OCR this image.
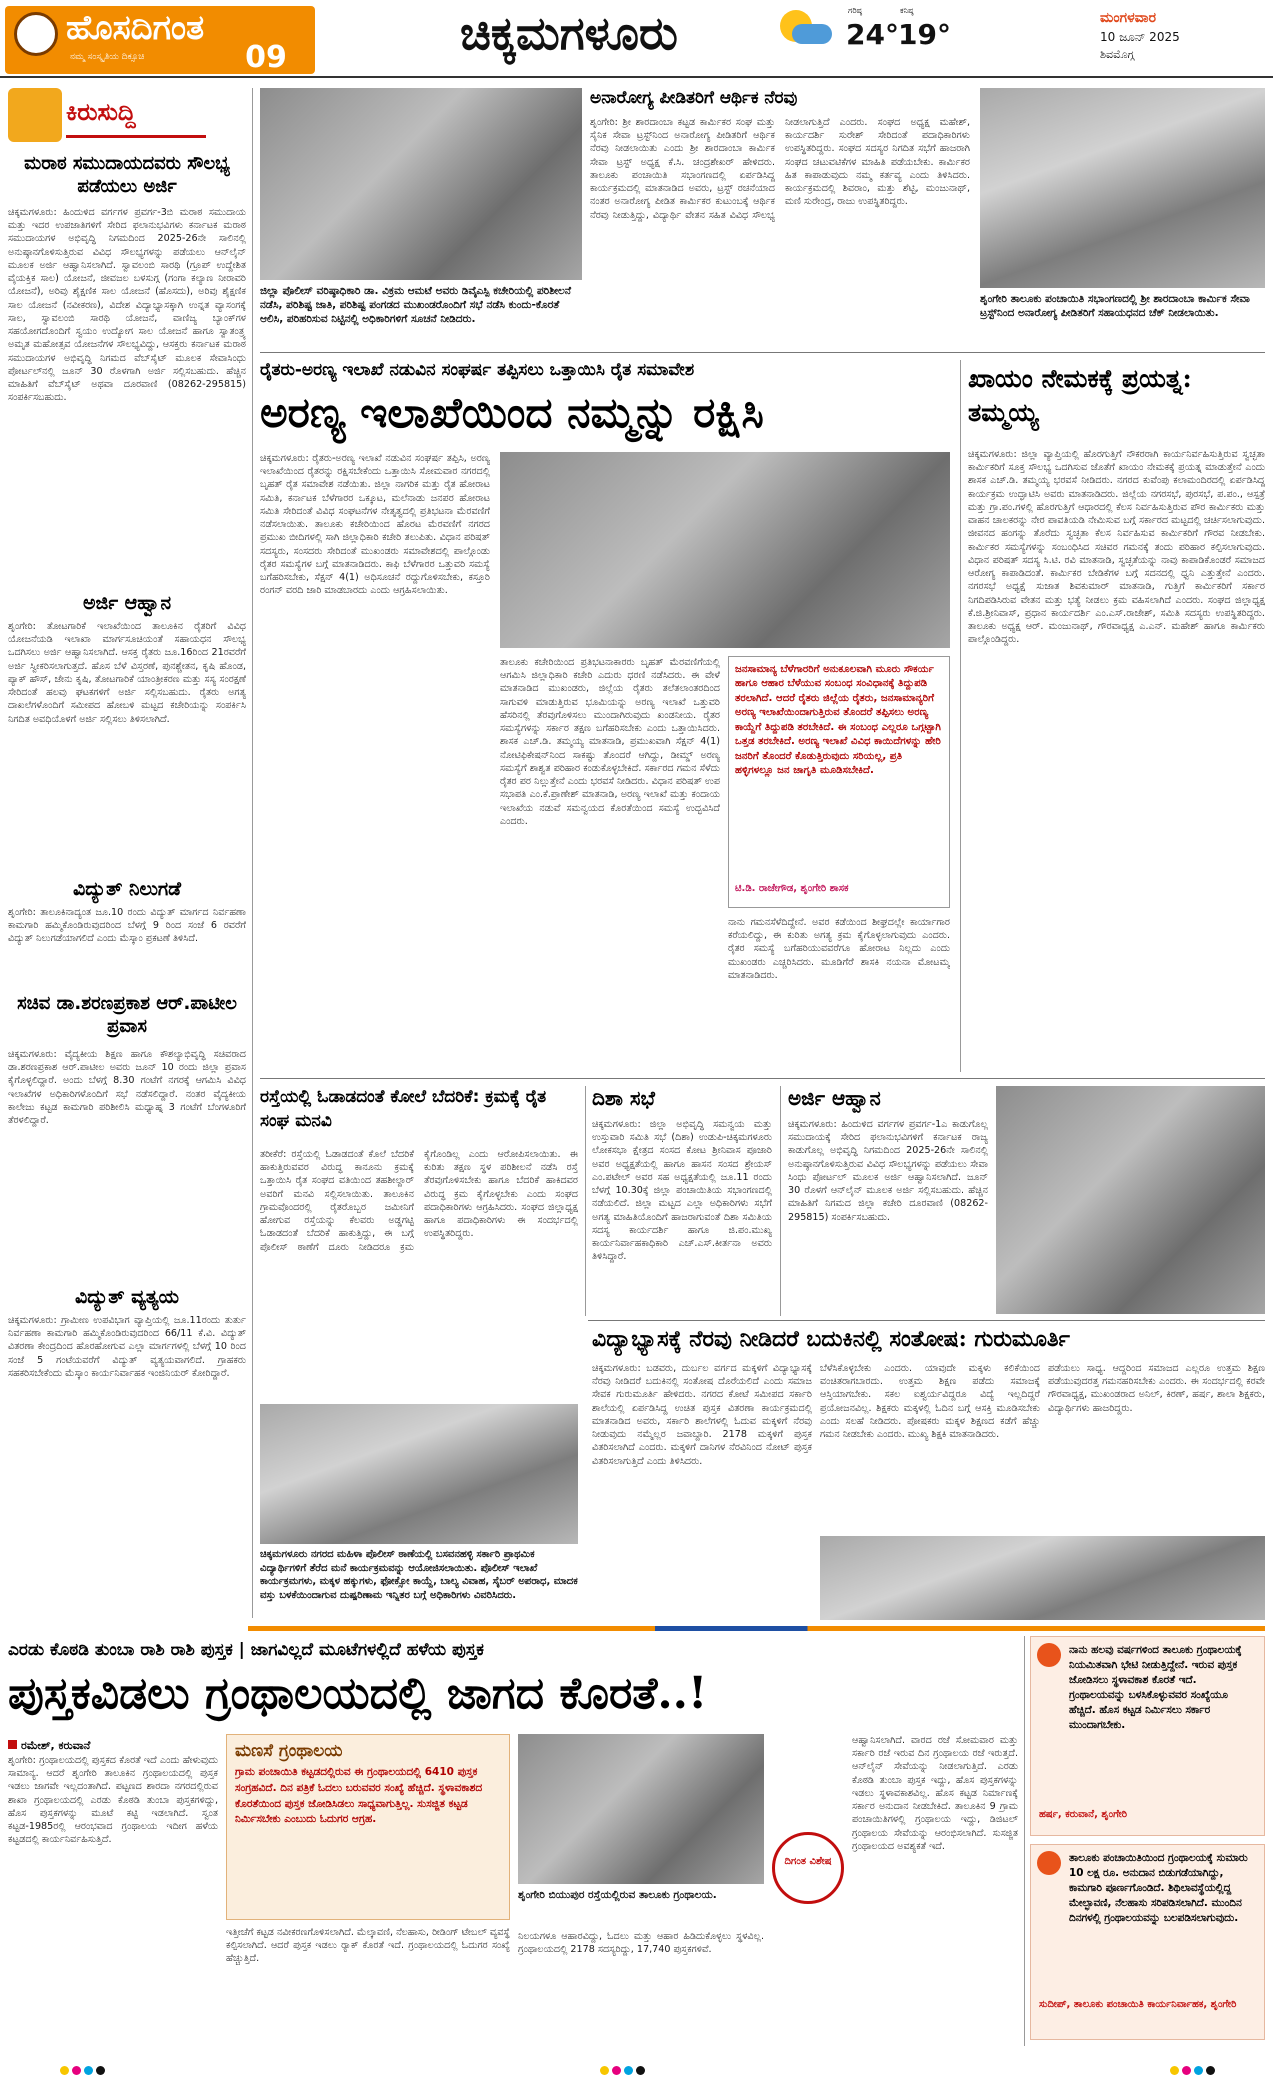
ಹೊಸದಿಗಂತ
ನಮ್ಮ ಸಂಸ್ಕೃತಿಯ ದಿಕ್ಸೂಚಿ	09	ಚಿಕ್ಕಮಗಳೂರು	ಗರಿಷ್ಠ
24°
ಕನಿಷ್ಠ
19°	ಮಂಗಳವಾರ
10 ಜೂನ್ 2025
ಶಿವಮೊಗ್ಗ
ಕಿರುಸುದ್ದಿ
ಮರಾಠ ಸಮುದಾಯದವರು ಸೌಲಭ್ಯ ಪಡೆಯಲು ಅರ್ಜಿ
ಚಿಕ್ಕಮಗಳೂರು: ಹಿಂದುಳಿದ ವರ್ಗಗಳ ಪ್ರವರ್ಗ-3ಬಿ ಮರಾಠ ಸಮುದಾಯ ಮತ್ತು ಇದರ ಉಪಜಾತಿಗಳಿಗೆ ಸೇರಿದ ಫಲಾನುಭವಿಗಳು ಕರ್ನಾಟಕ ಮರಾಠ ಸಮುದಾಯಗಳ ಅಭಿವೃದ್ಧಿ ನಿಗಮದಿಂದ 2025-26ನೇ ಸಾಲಿನಲ್ಲಿ ಅನುಷ್ಠಾನಗೊಳಿಸುತ್ತಿರುವ ವಿವಿಧ ಸೌಲಭ್ಯಗಳನ್ನು ಪಡೆಯಲು ಆನ್‌ಲೈನ್ ಮೂಲಕ ಅರ್ಜಿ ಆಹ್ವಾನಿಸಲಾಗಿದೆ. ಸ್ವಾವಲಂಬಿ ಸಾರಥಿ (ಗ್ರೂಪ್ ಉದ್ದೇಶಿತ ವೈಯಕ್ತಿಕ ಸಾಲ) ಯೋಜನೆ, ಜೀವಜಲ ಬಳಸುಗ್ಗ (ಗಂಗಾ ಕಲ್ಯಾಣ ನೀರಾವರಿ ಯೋಜನೆ), ಅರಿವು ಶೈಕ್ಷಣಿಕ ಸಾಲ ಯೋಜನೆ (ಹೊಸದು), ಅರಿವು ಶೈಕ್ಷಣಿಕ ಸಾಲ ಯೋಜನೆ (ನವೀಕರಣ), ವಿದೇಶ ವಿದ್ಯಾಭ್ಯಾಸಕ್ಕಾಗಿ ಉನ್ನತ ವ್ಯಾಸಂಗಕ್ಕೆ ಸಾಲ, ಸ್ವಾವಲಂಬಿ ಸಾರಥಿ ಯೋಜನೆ, ವಾಣಿಜ್ಯ ಬ್ಯಾಂಕ್‌ಗಳ ಸಹಯೋಗದೊಂದಿಗೆ ಸ್ವಯಂ ಉದ್ಯೋಗ ಸಾಲ ಯೋಜನೆ ಹಾಗೂ ಸ್ವಾತಂತ್ರ್ಯ ಅಮೃತ ಮಹೋತ್ಸವ ಯೋಜನೆಗಳ ಸೌಲಭ್ಯವಿದ್ದು, ಆಸಕ್ತರು ಕರ್ನಾಟಕ ಮರಾಠ ಸಮುದಾಯಗಳ ಅಭಿವೃದ್ಧಿ ನಿಗಮದ ವೆಬ್‌ಸೈಟ್ ಮೂಲಕ ಸೇವಾಸಿಂಧು ಪೋರ್ಟಲ್‌ನಲ್ಲಿ ಜೂನ್ 30 ರೊಳಗಾಗಿ ಅರ್ಜಿ ಸಲ್ಲಿಸಬಹುದು. ಹೆಚ್ಚಿನ ಮಾಹಿತಿಗೆ ವೆಬ್‌ಸೈಟ್ ಅಥವಾ ದೂರವಾಣಿ (08262-295815) ಸಂಪರ್ಕಿಸಬಹುದು.
ಅರ್ಜಿ ಆಹ್ವಾನ
ಶೃಂಗೇರಿ: ತೋಟಗಾರಿಕೆ ಇಲಾಖೆಯಿಂದ ತಾಲೂಕಿನ ರೈತರಿಗೆ ವಿವಿಧ ಯೋಜನೆಯಡಿ ಇಲಾಖಾ ಮಾರ್ಗಸೂಚಿಯಂತೆ ಸಹಾಯಧನ ಸೌಲಭ್ಯ ಒದಗಿಸಲು ಅರ್ಜಿ ಆಹ್ವಾನಿಸಲಾಗಿದೆ. ಆಸಕ್ತ ರೈತರು ಜೂ.16ರಿಂದ 21ರವರೆಗೆ ಅರ್ಜಿ ಸ್ವೀಕರಿಸಲಾಗುತ್ತದೆ. ಹೊಸ ಬೆಳೆ ವಿಸ್ತರಣೆ, ಪುನಶ್ಚೇತನ, ಕೃಷಿ ಹೊಂಡ, ಪ್ಯಾಕ್ ಹೌಸ್, ಜೇನು ಕೃಷಿ, ತೋಟಗಾರಿಕೆ ಯಾಂತ್ರೀಕರಣ ಮತ್ತು ಸಸ್ಯ ಸಂರಕ್ಷಣೆ ಸೇರಿದಂತೆ ಹಲವು ಘಟಕಗಳಿಗೆ ಅರ್ಜಿ ಸಲ್ಲಿಸಬಹುದು. ರೈತರು ಅಗತ್ಯ ದಾಖಲೆಗಳೊಂದಿಗೆ ಸಮೀಪದ ಹೋಬಳಿ ಮಟ್ಟದ ಕಚೇರಿಯನ್ನು ಸಂಪರ್ಕಿಸಿ ನಿಗದಿತ ಅವಧಿಯೊಳಗೆ ಅರ್ಜಿ ಸಲ್ಲಿಸಲು ತಿಳಿಸಲಾಗಿದೆ.
ವಿದ್ಯುತ್ ನಿಲುಗಡೆ
ಶೃಂಗೇರಿ: ತಾಲೂಕಿನಾದ್ಯಂತ ಜೂ.10 ರಂದು ವಿದ್ಯುತ್ ಮಾರ್ಗದ ನಿರ್ವಹಣಾ ಕಾಮಗಾರಿ ಹಮ್ಮಿಕೊಂಡಿರುವುದರಿಂದ ಬೆಳಗ್ಗೆ 9 ರಿಂದ ಸಂಜೆ 6 ರವರೆಗೆ ವಿದ್ಯುತ್ ನಿಲುಗಡೆಯಾಗಲಿದೆ ಎಂದು ಮೆಸ್ಕಾಂ ಪ್ರಕಟಣೆ ತಿಳಿಸಿದೆ.
ಸಚಿವ ಡಾ.ಶರಣಪ್ರಕಾಶ ಆರ್.ಪಾಟೀಲ ಪ್ರವಾಸ
ಚಿಕ್ಕಮಗಳೂರು: ವೈದ್ಯಕೀಯ ಶಿಕ್ಷಣ ಹಾಗೂ ಕೌಶಲ್ಯಾಭಿವೃದ್ಧಿ ಸಚಿವರಾದ ಡಾ.ಶರಣಪ್ರಕಾಶ ಆರ್.ಪಾಟೀಲ ಅವರು ಜೂನ್ 10 ರಂದು ಜಿಲ್ಲಾ ಪ್ರವಾಸ ಕೈಗೊಳ್ಳಲಿದ್ದಾರೆ. ಅಂದು ಬೆಳಗ್ಗೆ 8.30 ಗಂಟೆಗೆ ನಗರಕ್ಕೆ ಆಗಮಿಸಿ ವಿವಿಧ ಇಲಾಖೆಗಳ ಅಧಿಕಾರಿಗಳೊಂದಿಗೆ ಸಭೆ ನಡೆಸಲಿದ್ದಾರೆ. ನಂತರ ವೈದ್ಯಕೀಯ ಕಾಲೇಜು ಕಟ್ಟಡ ಕಾಮಗಾರಿ ಪರಿಶೀಲಿಸಿ ಮಧ್ಯಾಹ್ನ 3 ಗಂಟೆಗೆ ಬೆಂಗಳೂರಿಗೆ ತೆರಳಲಿದ್ದಾರೆ.
ವಿದ್ಯುತ್ ವ್ಯತ್ಯಯ
ಚಿಕ್ಕಮಗಳೂರು: ಗ್ರಾಮೀಣ ಉಪವಿಭಾಗ ವ್ಯಾಪ್ತಿಯಲ್ಲಿ ಜೂ.11ರಂದು ತುರ್ತು ನಿರ್ವಹಣಾ ಕಾಮಗಾರಿ ಹಮ್ಮಿಕೊಂಡಿರುವುದರಿಂದ 66/11 ಕೆ.ವಿ. ವಿದ್ಯುತ್ ವಿತರಣಾ ಕೇಂದ್ರದಿಂದ ಹೊರಹೋಗುವ ಎಲ್ಲಾ ಮಾರ್ಗಗಳಲ್ಲಿ ಬೆಳಗ್ಗೆ 10 ರಿಂದ ಸಂಜೆ 5 ಗಂಟೆಯವರೆಗೆ ವಿದ್ಯುತ್ ವ್ಯತ್ಯಯವಾಗಲಿದೆ. ಗ್ರಾಹಕರು ಸಹಕರಿಸಬೇಕೆಂದು ಮೆಸ್ಕಾಂ ಕಾರ್ಯನಿರ್ವಾಹಕ ಇಂಜಿನಿಯರ್ ಕೋರಿದ್ದಾರೆ.
ಜಿಲ್ಲಾ ಪೊಲೀಸ್ ವರಿಷ್ಠಾಧಿಕಾರಿ ಡಾ. ವಿಕ್ರಮ ಆಮಟೆ ಅವರು ಡಿವೈಎಸ್ಪಿ ಕಚೇರಿಯಲ್ಲಿ ಪರಿಶೀಲನೆ ನಡೆಸಿ, ಪರಿಶಿಷ್ಟ ಜಾತಿ, ಪರಿಶಿಷ್ಟ ಪಂಗಡದ ಮುಖಂಡರೊಂದಿಗೆ ಸಭೆ ನಡೆಸಿ ಕುಂದು-ಕೊರತೆ ಆಲಿಸಿ, ಪರಿಹರಿಸುವ ನಿಟ್ಟಿನಲ್ಲಿ ಅಧಿಕಾರಿಗಳಿಗೆ ಸೂಚನೆ ನೀಡಿದರು.
ಅನಾರೋಗ್ಯ ಪೀಡಿತರಿಗೆ ಆರ್ಥಿಕ ನೆರವು
ಶೃಂಗೇರಿ: ಶ್ರೀ ಶಾರದಾಂಬಾ ಕಟ್ಟಡ ಕಾರ್ಮಿಕರ ಸಂಘ ಮತ್ತು ಸೈನಿಕ ಸೇವಾ ಟ್ರಸ್ಟ್‌ನಿಂದ ಅನಾರೋಗ್ಯ ಪೀಡಿತರಿಗೆ ಆರ್ಥಿಕ ನೆರವು ನೀಡಲಾಯಿತು ಎಂದು ಶ್ರೀ ಶಾರದಾಂಬಾ ಕಾರ್ಮಿಕ ಸೇವಾ ಟ್ರಸ್ಟ್ ಅಧ್ಯಕ್ಷ ಕೆ.ಸಿ. ಚಂದ್ರಶೇಖರ್ ಹೇಳಿದರು. ತಾಲೂಕು ಪಂಚಾಯಿತಿ ಸಭಾಂಗಣದಲ್ಲಿ ಏರ್ಪಡಿಸಿದ್ದ ಕಾರ್ಯಕ್ರಮದಲ್ಲಿ ಮಾತನಾಡಿದ ಅವರು, ಟ್ರಸ್ಟ್ ರಚನೆಯಾದ ನಂತರ ಅನಾರೋಗ್ಯ ಪೀಡಿತ ಕಾರ್ಮಿಕರ ಕುಟುಂಬಕ್ಕೆ ಆರ್ಥಿಕ ನೆರವು ನೀಡುತ್ತಿದ್ದು, ವಿದ್ಯಾರ್ಥಿ ವೇತನ ಸಹಿತ ವಿವಿಧ ಸೌಲಭ್ಯ ನೀಡಲಾಗುತ್ತಿದೆ ಎಂದರು. ಸಂಘದ ಅಧ್ಯಕ್ಷ ಮಹೇಶ್, ಕಾರ್ಯದರ್ಶಿ ಸುರೇಶ್ ಸೇರಿದಂತೆ ಪದಾಧಿಕಾರಿಗಳು ಉಪಸ್ಥಿತರಿದ್ದರು. ಸಂಘದ ಸದಸ್ಯರ ನಿಗದಿತ ಸಭೆಗೆ ಹಾಜರಾಗಿ ಸಂಘದ ಚಟುವಟಿಕೆಗಳ ಮಾಹಿತಿ ಪಡೆಯಬೇಕು. ಕಾರ್ಮಿಕರ ಹಿತ ಕಾಪಾಡುವುದು ನಮ್ಮ ಕರ್ತವ್ಯ ಎಂದು ತಿಳಿಸಿದರು. ಕಾರ್ಯಕ್ರಮದಲ್ಲಿ ಶಿವರಾಂ, ಮತ್ತು ಶೆಟ್ಟಿ, ಮಂಜುನಾಥ್, ಮಣಿ ಸುರೇಂದ್ರ, ರಾಜು ಉಪಸ್ಥಿತರಿದ್ದರು.
ಶೃಂಗೇರಿ ತಾಲೂಕು ಪಂಚಾಯಿತಿ ಸಭಾಂಗಣದಲ್ಲಿ ಶ್ರೀ ಶಾರದಾಂಬಾ ಕಾರ್ಮಿಕ ಸೇವಾ ಟ್ರಸ್ಟ್‌ನಿಂದ ಅನಾರೋಗ್ಯ ಪೀಡಿತರಿಗೆ ಸಹಾಯಧನದ ಚೆಕ್ ನೀಡಲಾಯಿತು.
ರೈತರು-ಅರಣ್ಯ ಇಲಾಖೆ ನಡುವಿನ ಸಂಘರ್ಷ ತಪ್ಪಿಸಲು ಒತ್ತಾಯಿಸಿ ರೈತ ಸಮಾವೇಶ
ಅರಣ್ಯ ಇಲಾಖೆಯಿಂದ ನಮ್ಮನ್ನು ರಕ್ಷಿಸಿ
ಚಿಕ್ಕಮಗಳೂರು: ರೈತರು-ಅರಣ್ಯ ಇಲಾಖೆ ನಡುವಿನ ಸಂಘರ್ಷ ತಪ್ಪಿಸಿ, ಅರಣ್ಯ ಇಲಾಖೆಯಿಂದ ರೈತರನ್ನು ರಕ್ಷಿಸಬೇಕೆಂದು ಒತ್ತಾಯಿಸಿ ಸೋಮವಾರ ನಗರದಲ್ಲಿ ಬೃಹತ್ ರೈತ ಸಮಾವೇಶ ನಡೆಯಿತು. ಜಿಲ್ಲಾ ನಾಗರಿಕ ಮತ್ತು ರೈತ ಹೋರಾಟ ಸಮಿತಿ, ಕರ್ನಾಟಕ ಬೆಳೆಗಾರರ ಒಕ್ಕೂಟ, ಮಲೆನಾಡು ಜನಪರ ಹೋರಾಟ ಸಮಿತಿ ಸೇರಿದಂತೆ ವಿವಿಧ ಸಂಘಟನೆಗಳ ನೇತೃತ್ವದಲ್ಲಿ ಪ್ರತಿಭಟನಾ ಮೆರವಣಿಗೆ ನಡೆಸಲಾಯಿತು. ತಾಲೂಕು ಕಚೇರಿಯಿಂದ ಹೊರಟ ಮೆರವಣಿಗೆ ನಗರದ ಪ್ರಮುಖ ಬೀದಿಗಳಲ್ಲಿ ಸಾಗಿ ಜಿಲ್ಲಾಧಿಕಾರಿ ಕಚೇರಿ ತಲುಪಿತು. ವಿಧಾನ ಪರಿಷತ್ ಸದಸ್ಯರು, ಸಂಸದರು ಸೇರಿದಂತೆ ಮುಖಂಡರು ಸಮಾವೇಶದಲ್ಲಿ ಪಾಲ್ಗೊಂಡು ರೈತರ ಸಮಸ್ಯೆಗಳ ಬಗ್ಗೆ ಮಾತನಾಡಿದರು. ಕಾಫಿ ಬೆಳೆಗಾರರ ಒತ್ತುವರಿ ಸಮಸ್ಯೆ ಬಗೆಹರಿಸಬೇಕು, ಸೆಕ್ಷನ್ 4(1) ಅಧಿಸೂಚನೆ ರದ್ದುಗೊಳಿಸಬೇಕು, ಕಸ್ತೂರಿ ರಂಗನ್ ವರದಿ ಜಾರಿ ಮಾಡಬಾರದು ಎಂದು ಆಗ್ರಹಿಸಲಾಯಿತು.
ತಾಲೂಕು ಕಚೇರಿಯಿಂದ ಪ್ರತಿಭಟನಾಕಾರರು ಬೃಹತ್ ಮೆರವಣಿಗೆಯಲ್ಲಿ ಆಗಮಿಸಿ ಜಿಲ್ಲಾಧಿಕಾರಿ ಕಚೇರಿ ಎದುರು ಧರಣಿ ನಡೆಸಿದರು. ಈ ವೇಳೆ ಮಾತನಾಡಿದ ಮುಖಂಡರು, ಜಿಲ್ಲೆಯ ರೈತರು ತಲೆತಲಾಂತರದಿಂದ ಸಾಗುವಳಿ ಮಾಡುತ್ತಿರುವ ಭೂಮಿಯನ್ನು ಅರಣ್ಯ ಇಲಾಖೆ ಒತ್ತುವರಿ ಹೆಸರಿನಲ್ಲಿ ತೆರವುಗೊಳಿಸಲು ಮುಂದಾಗಿರುವುದು ಖಂಡನೀಯ. ರೈತರ ಸಮಸ್ಯೆಗಳನ್ನು ಸರ್ಕಾರ ತಕ್ಷಣ ಬಗೆಹರಿಸಬೇಕು ಎಂದು ಒತ್ತಾಯಿಸಿದರು. ಶಾಸಕ ಎಚ್.ಡಿ. ತಮ್ಮಯ್ಯ ಮಾತನಾಡಿ, ಪ್ರಮುಖವಾಗಿ ಸೆಕ್ಷನ್ 4(1) ನೋಟಿಫಿಕೇಷನ್‌ನಿಂದ ಸಾಕಷ್ಟು ತೊಂದರೆ ಆಗಿದ್ದು, ಡೀಮ್ಡ್ ಅರಣ್ಯ ಸಮಸ್ಯೆಗೆ ಶಾಶ್ವತ ಪರಿಹಾರ ಕಂಡುಕೊಳ್ಳಬೇಕಿದೆ. ಸರ್ಕಾರದ ಗಮನ ಸೆಳೆದು ರೈತರ ಪರ ನಿಲ್ಲುತ್ತೇನೆ ಎಂದು ಭರವಸೆ ನೀಡಿದರು. ವಿಧಾನ ಪರಿಷತ್ ಉಪ ಸಭಾಪತಿ ಎಂ.ಕೆ.ಪ್ರಾಣೇಶ್ ಮಾತನಾಡಿ, ಅರಣ್ಯ ಇಲಾಖೆ ಮತ್ತು ಕಂದಾಯ ಇಲಾಖೆಯ ನಡುವೆ ಸಮನ್ವಯದ ಕೊರತೆಯಿಂದ ಸಮಸ್ಯೆ ಉದ್ಭವಿಸಿದೆ ಎಂದರು.
ಜನಸಾಮಾನ್ಯ ಬೆಳೆಗಾರರಿಗೆ ಅನುಕೂಲವಾಗಿ ಮೂರು ಸೌಕರ್ಯ ಹಾಗೂ ಆಹಾರ ಬೆಳೆಯುವ ಸಂಬಂಧ ಸಂವಿಧಾನಕ್ಕೆ ತಿದ್ದುಪಡಿ ತರಲಾಗಿದೆ. ಆದರೆ ರೈತರು ಜಿಲ್ಲೆಯ ರೈತರು, ಜನಸಾಮಾನ್ಯರಿಗೆ ಅರಣ್ಯ ಇಲಾಖೆಯಿಂದಾಗುತ್ತಿರುವ ತೊಂದರೆ ತಪ್ಪಿಸಲು ಅರಣ್ಯ ಕಾಯ್ದೆಗೆ ತಿದ್ದುಪಡಿ ತರಬೇಕಿದೆ. ಈ ಸಂಬಂಧ ಎಲ್ಲರೂ ಒಗ್ಗಟ್ಟಾಗಿ ಒತ್ತಡ ತರಬೇಕಿದೆ. ಅರಣ್ಯ ಇಲಾಖೆ ವಿವಿಧ ಕಾಯಿದೆಗಳನ್ನು ಹೇರಿ ಜನರಿಗೆ ತೊಂದರೆ ಕೊಡುತ್ತಿರುವುದು ಸರಿಯಲ್ಲ, ಪ್ರತಿ ಹಳ್ಳಿಗಳಲ್ಲೂ ಜನ ಜಾಗೃತಿ ಮೂಡಿಸಬೇಕಿದೆ.
ಟಿ.ಡಿ. ರಾಜೇಗೌಡ, ಶೃಂಗೇರಿ ಶಾಸಕ
ನಾನು ಗಮನಸೆಳೆದಿದ್ದೇನೆ. ಅವರ ಕಡೆಯಿಂದ ಶೀಘ್ರದಲ್ಲೇ ಕಾರ್ಯಾಗಾರ ಕರೆಯಲಿದ್ದು, ಈ ಕುರಿತು ಅಗತ್ಯ ಕ್ರಮ ಕೈಗೊಳ್ಳಲಾಗುವುದು ಎಂದರು. ರೈತರ ಸಮಸ್ಯೆ ಬಗೆಹರಿಯುವವರೆಗೂ ಹೋರಾಟ ನಿಲ್ಲದು ಎಂದು ಮುಖಂಡರು ಎಚ್ಚರಿಸಿದರು. ಮೂಡಿಗೆರೆ ಶಾಸಕಿ ನಯನಾ ಮೋಟಮ್ಮ ಮಾತನಾಡಿದರು.
ಖಾಯಂ ನೇಮಕಕ್ಕೆ ಪ್ರಯತ್ನ: ತಮ್ಮಯ್ಯ
ಚಿಕ್ಕಮಗಳೂರು: ಜಿಲ್ಲಾ ವ್ಯಾಪ್ತಿಯಲ್ಲಿ ಹೊರಗುತ್ತಿಗೆ ನೌಕರರಾಗಿ ಕಾರ್ಯನಿರ್ವಹಿಸುತ್ತಿರುವ ಸ್ವಚ್ಛತಾ ಕಾರ್ಮಿಕರಿಗೆ ಸೂಕ್ತ ಸೌಲಭ್ಯ ಒದಗಿಸುವ ಜೊತೆಗೆ ಖಾಯಂ ನೇಮಕಕ್ಕೆ ಪ್ರಯತ್ನ ಮಾಡುತ್ತೇನೆ ಎಂದು ಶಾಸಕ ಎಚ್.ಡಿ. ತಮ್ಮಯ್ಯ ಭರವಸೆ ನೀಡಿದರು. ನಗರದ ಕುವೆಂಪು ಕಲಾಮಂದಿರದಲ್ಲಿ ಏರ್ಪಡಿಸಿದ್ದ ಕಾರ್ಯಕ್ರಮ ಉದ್ಘಾಟಿಸಿ ಅವರು ಮಾತನಾಡಿದರು. ಜಿಲ್ಲೆಯ ನಗರಸಭೆ, ಪುರಸಭೆ, ಪ.ಪಂ., ಆಸ್ಪತ್ರೆ ಮತ್ತು ಗ್ರಾ.ಪಂ.ಗಳಲ್ಲಿ ಹೊರಗುತ್ತಿಗೆ ಆಧಾರದಲ್ಲಿ ಕೆಲಸ ನಿರ್ವಹಿಸುತ್ತಿರುವ ಪೌರ ಕಾರ್ಮಿಕರು ಮತ್ತು ವಾಹನ ಚಾಲಕರನ್ನು ನೇರ ಪಾವತಿಯಡಿ ನೇಮಿಸುವ ಬಗ್ಗೆ ಸರ್ಕಾರದ ಮಟ್ಟದಲ್ಲಿ ಚರ್ಚಿಸಲಾಗುವುದು. ಜೀವನದ ಹಂಗನ್ನು ತೊರೆದು ಸ್ವಚ್ಛತಾ ಕೆಲಸ ನಿರ್ವಹಿಸುವ ಕಾರ್ಮಿಕರಿಗೆ ಗೌರವ ನೀಡಬೇಕು. ಕಾರ್ಮಿಕರ ಸಮಸ್ಯೆಗಳನ್ನು ಸಂಬಂಧಿಸಿದ ಸಚಿವರ ಗಮನಕ್ಕೆ ತಂದು ಪರಿಹಾರ ಕಲ್ಪಿಸಲಾಗುವುದು. ವಿಧಾನ ಪರಿಷತ್ ಸದಸ್ಯ ಸಿ.ಟಿ. ರವಿ ಮಾತನಾಡಿ, ಸ್ವಚ್ಛತೆಯನ್ನು ನಾವು ಕಾಪಾಡಿಕೊಂಡರೆ ಸಮಾಜದ ಆರೋಗ್ಯ ಕಾಪಾಡಿದಂತೆ. ಕಾರ್ಮಿಕರ ಬೇಡಿಕೆಗಳ ಬಗ್ಗೆ ಸದನದಲ್ಲಿ ಧ್ವನಿ ಎತ್ತುತ್ತೇನೆ ಎಂದರು. ನಗರಸಭೆ ಅಧ್ಯಕ್ಷೆ ಸುಜಾತ ಶಿವಕುಮಾರ್ ಮಾತನಾಡಿ, ಗುತ್ತಿಗೆ ಕಾರ್ಮಿಕರಿಗೆ ಸರ್ಕಾರ ನಿಗದಿಪಡಿಸಿರುವ ವೇತನ ಮತ್ತು ಭತ್ಯೆ ನೀಡಲು ಕ್ರಮ ವಹಿಸಲಾಗಿದೆ ಎಂದರು. ಸಂಘದ ಜಿಲ್ಲಾಧ್ಯಕ್ಷ ಕೆ.ಜಿ.ಶ್ರೀನಿವಾಸ್, ಪ್ರಧಾನ ಕಾರ್ಯದರ್ಶಿ ಎಂ.ಎಸ್.ರಾಜೇಶ್, ಸಮಿತಿ ಸದಸ್ಯರು ಉಪಸ್ಥಿತರಿದ್ದರು. ತಾಲೂಕು ಅಧ್ಯಕ್ಷ ಆರ್. ಮಂಜುನಾಥ್, ಗೌರವಾಧ್ಯಕ್ಷ ಎ.ಎನ್. ಮಹೇಶ್ ಹಾಗೂ ಕಾರ್ಮಿಕರು ಪಾಲ್ಗೊಂಡಿದ್ದರು.
ರಸ್ತೆಯಲ್ಲಿ ಓಡಾಡದಂತೆ ಕೋಲೆ ಬೆದರಿಕೆ: ಕ್ರಮಕ್ಕೆ ರೈತ ಸಂಘ ಮನವಿ
ತರೀಕೆರೆ: ರಸ್ತೆಯಲ್ಲಿ ಓಡಾಡದಂತೆ ಕೊಲೆ ಬೆದರಿಕೆ ಹಾಕುತ್ತಿರುವವರ ವಿರುದ್ಧ ಕಾನೂನು ಕ್ರಮಕ್ಕೆ ಒತ್ತಾಯಿಸಿ ರೈತ ಸಂಘದ ವತಿಯಿಂದ ತಹಶೀಲ್ದಾರ್ ಅವರಿಗೆ ಮನವಿ ಸಲ್ಲಿಸಲಾಯಿತು. ತಾಲೂಕಿನ ಗ್ರಾಮವೊಂದರಲ್ಲಿ ರೈತರೊಬ್ಬರ ಜಮೀನಿಗೆ ಹೋಗುವ ರಸ್ತೆಯನ್ನು ಕೆಲವರು ಅಡ್ಡಗಟ್ಟಿ ಓಡಾಡದಂತೆ ಬೆದರಿಕೆ ಹಾಕುತ್ತಿದ್ದು, ಈ ಬಗ್ಗೆ ಪೊಲೀಸ್ ಠಾಣೆಗೆ ದೂರು ನೀಡಿದರೂ ಕ್ರಮ ಕೈಗೊಂಡಿಲ್ಲ ಎಂದು ಆರೋಪಿಸಲಾಯಿತು. ಈ ಕುರಿತು ತಕ್ಷಣ ಸ್ಥಳ ಪರಿಶೀಲನೆ ನಡೆಸಿ ರಸ್ತೆ ತೆರವುಗೊಳಿಸಬೇಕು ಹಾಗೂ ಬೆದರಿಕೆ ಹಾಕಿದವರ ವಿರುದ್ಧ ಕ್ರಮ ಕೈಗೊಳ್ಳಬೇಕು ಎಂದು ಸಂಘದ ಪದಾಧಿಕಾರಿಗಳು ಆಗ್ರಹಿಸಿದರು. ಸಂಘದ ಜಿಲ್ಲಾಧ್ಯಕ್ಷ ಹಾಗೂ ಪದಾಧಿಕಾರಿಗಳು ಈ ಸಂದರ್ಭದಲ್ಲಿ ಉಪಸ್ಥಿತರಿದ್ದರು.
ಚಿಕ್ಕಮಗಳೂರು ನಗರದ ಮಹಿಳಾ ಪೊಲೀಸ್ ಠಾಣೆಯಲ್ಲಿ ಬಸವನಹಳ್ಳಿ ಸರ್ಕಾರಿ ಪ್ರಾಥಮಿಕ ವಿದ್ಯಾರ್ಥಿಗಳಿಗೆ ತೆರೆದ ಮನೆ ಕಾರ್ಯಕ್ರಮವನ್ನು ಆಯೋಜಿಸಲಾಯಿತು. ಪೊಲೀಸ್ ಇಲಾಖೆ ಕಾರ್ಯಕ್ರಮಗಳು, ಮಕ್ಕಳ ಹಕ್ಕುಗಳು, ಫೋಕ್ಸೋ ಕಾಯ್ದೆ, ಬಾಲ್ಯ ವಿವಾಹ, ಸೈಬರ್ ಅಪರಾಧ, ಮಾದಕ ವಸ್ತು ಬಳಕೆಯಿಂದಾಗುವ ದುಷ್ಪರಿಣಾಮ ಇನ್ನಿತರ ಬಗ್ಗೆ ಅಧಿಕಾರಿಗಳು ವಿವರಿಸಿದರು.
ದಿಶಾ ಸಭೆ
ಚಿಕ್ಕಮಗಳೂರು: ಜಿಲ್ಲಾ ಅಭಿವೃದ್ಧಿ ಸಮನ್ವಯ ಮತ್ತು ಉಸ್ತುವಾರಿ ಸಮಿತಿ ಸಭೆ (ದಿಶಾ) ಉಡುಪಿ-ಚಿಕ್ಕಮಗಳೂರು ಲೋಕಸಭಾ ಕ್ಷೇತ್ರದ ಸಂಸದ ಕೋಟ ಶ್ರೀನಿವಾಸ ಪೂಜಾರಿ ಅವರ ಅಧ್ಯಕ್ಷತೆಯಲ್ಲಿ ಹಾಗೂ ಹಾಸನ ಸಂಸದ ಶ್ರೇಯಸ್ ಎಂ.ಪಟೇಲ್ ಅವರ ಸಹ ಅಧ್ಯಕ್ಷತೆಯಲ್ಲಿ ಜೂ.11 ರಂದು ಬೆಳಗ್ಗೆ 10.30ಕ್ಕೆ ಜಿಲ್ಲಾ ಪಂಚಾಯಿತಿಯ ಸಭಾಂಗಣದಲ್ಲಿ ನಡೆಯಲಿದೆ. ಜಿಲ್ಲಾ ಮಟ್ಟದ ಎಲ್ಲಾ ಅಧಿಕಾರಿಗಳು ಸಭೆಗೆ ಅಗತ್ಯ ಮಾಹಿತಿಯೊಂದಿಗೆ ಹಾಜರಾಗುವಂತೆ ದಿಶಾ ಸಮಿತಿಯ ಸದಸ್ಯ ಕಾರ್ಯದರ್ಶಿ ಹಾಗೂ ಜಿ.ಪಂ.ಮುಖ್ಯ ಕಾರ್ಯನಿರ್ವಾಹಕಾಧಿಕಾರಿ ಎಚ್.ಎಸ್.ಕೀರ್ತನಾ ಅವರು ತಿಳಿಸಿದ್ದಾರೆ.
ಅರ್ಜಿ ಆಹ್ವಾನ
ಚಿಕ್ಕಮಗಳೂರು: ಹಿಂದುಳಿದ ವರ್ಗಗಳ ಪ್ರವರ್ಗ-1ಎ ಕಾಡುಗೊಲ್ಲ ಸಮುದಾಯಕ್ಕೆ ಸೇರಿದ ಫಲಾನುಭವಿಗಳಿಗೆ ಕರ್ನಾಟಕ ರಾಜ್ಯ ಕಾಡುಗೊಲ್ಲ ಅಭಿವೃದ್ಧಿ ನಿಗಮದಿಂದ 2025-26ನೇ ಸಾಲಿನಲ್ಲಿ ಅನುಷ್ಠಾನಗೊಳಿಸುತ್ತಿರುವ ವಿವಿಧ ಸೌಲಭ್ಯಗಳನ್ನು ಪಡೆಯಲು ಸೇವಾ ಸಿಂಧು ಪೋರ್ಟಲ್ ಮೂಲಕ ಅರ್ಜಿ ಆಹ್ವಾನಿಸಲಾಗಿದೆ. ಜೂನ್ 30 ರೊಳಗೆ ಆನ್‌ಲೈನ್ ಮೂಲಕ ಅರ್ಜಿ ಸಲ್ಲಿಸಬಹುದು. ಹೆಚ್ಚಿನ ಮಾಹಿತಿಗೆ ನಿಗಮದ ಜಿಲ್ಲಾ ಕಚೇರಿ ದೂರವಾಣಿ (08262-295815) ಸಂಪರ್ಕಿಸಬಹುದು.
ವಿದ್ಯಾಭ್ಯಾಸಕ್ಕೆ ನೆರವು ನೀಡಿದರೆ ಬದುಕಿನಲ್ಲಿ ಸಂತೋಷ: ಗುರುಮೂರ್ತಿ
ಚಿಕ್ಕಮಗಳೂರು: ಬಡವರು, ದುರ್ಬಲ ವರ್ಗದ ಮಕ್ಕಳಿಗೆ ವಿದ್ಯಾಭ್ಯಾಸಕ್ಕೆ ನೆರವು ನೀಡಿದರೆ ಬದುಕಿನಲ್ಲಿ ಸಂತೋಷ ದೊರೆಯಲಿದೆ ಎಂದು ಸಮಾಜ ಸೇವಕ ಗುರುಮೂರ್ತಿ ಹೇಳಿದರು. ನಗರದ ಕೋಟೆ ಸಮೀಪದ ಸರ್ಕಾರಿ ಶಾಲೆಯಲ್ಲಿ ಏರ್ಪಡಿಸಿದ್ದ ಉಚಿತ ಪುಸ್ತಕ ವಿತರಣಾ ಕಾರ್ಯಕ್ರಮದಲ್ಲಿ ಮಾತನಾಡಿದ ಅವರು, ಸರ್ಕಾರಿ ಶಾಲೆಗಳಲ್ಲಿ ಓದುವ ಮಕ್ಕಳಿಗೆ ನೆರವು ನೀಡುವುದು ನಮ್ಮೆಲ್ಲರ ಜವಾಬ್ದಾರಿ. 2178 ಮಕ್ಕಳಿಗೆ ಪುಸ್ತಕ ವಿತರಿಸಲಾಗಿದೆ ಎಂದರು. ಮಕ್ಕಳಿಗೆ ದಾನಿಗಳ ನೆರವಿನಿಂದ ನೋಟ್ ಪುಸ್ತಕ ವಿತರಿಸಲಾಗುತ್ತಿದೆ ಎಂದು ತಿಳಿಸಿದರು.
ಬೆಳೆಸಿಕೊಳ್ಳಬೇಕು ಎಂದರು. ಯಾವುದೇ ಮಕ್ಕಳು ಕಲಿಕೆಯಿಂದ ವಂಚಿತರಾಗಬಾರದು. ಉತ್ತಮ ಶಿಕ್ಷಣ ಪಡೆದು ಸಮಾಜಕ್ಕೆ ಆಸ್ತಿಯಾಗಬೇಕು. ಸಕಲ ಐಶ್ವರ್ಯವಿದ್ದರೂ ವಿದ್ಯೆ ಇಲ್ಲದಿದ್ದರೆ ಪ್ರಯೋಜನವಿಲ್ಲ. ಶಿಕ್ಷಕರು ಮಕ್ಕಳಲ್ಲಿ ಓದಿನ ಬಗ್ಗೆ ಆಸಕ್ತಿ ಮೂಡಿಸಬೇಕು ಎಂದು ಸಲಹೆ ನೀಡಿದರು. ಪೋಷಕರು ಮಕ್ಕಳ ಶಿಕ್ಷಣದ ಕಡೆಗೆ ಹೆಚ್ಚು ಗಮನ ನೀಡಬೇಕು ಎಂದರು. ಮುಖ್ಯ ಶಿಕ್ಷಕಿ ಮಾತನಾಡಿದರು.
ಪಡೆಯಲು ಸಾಧ್ಯ. ಆದ್ದರಿಂದ ಸಮಾಜದ ಎಲ್ಲರೂ ಉತ್ತಮ ಶಿಕ್ಷಣ ಪಡೆಯುವುದರತ್ತ ಗಮನಹರಿಸಬೇಕು ಎಂದರು. ಈ ಸಂದರ್ಭದಲ್ಲಿ ಕರವೇ ಗೌರವಾಧ್ಯಕ್ಷ, ಮುಖಂಡರಾದ ಅನಿಲ್, ಕಿರಣ್, ಹರ್ಷ, ಶಾಲಾ ಶಿಕ್ಷಕರು, ವಿದ್ಯಾರ್ಥಿಗಳು ಹಾಜರಿದ್ದರು.
ಎರಡು ಕೊಠಡಿ ತುಂಬಾ ರಾಶಿ ರಾಶಿ ಪುಸ್ತಕ | ಜಾಗವಿಲ್ಲದೆ ಮೂಟೆಗಳಲ್ಲಿದೆ ಹಳೆಯ ಪುಸ್ತಕ
ಪುಸ್ತಕವಿಡಲು ಗ್ರಂಥಾಲಯದಲ್ಲಿ ಜಾಗದ ಕೊರತೆ..!
ರಮೇಶ್, ಕರುವಾನೆ
ಶೃಂಗೇರಿ: ಗ್ರಂಥಾಲಯದಲ್ಲಿ ಪುಸ್ತಕದ ಕೊರತೆ ಇದೆ ಎಂದು ಹೇಳುವುದು ಸಾಮಾನ್ಯ. ಆದರೆ ಶೃಂಗೇರಿ ತಾಲೂಕಿನ ಗ್ರಂಥಾಲಯದಲ್ಲಿ ಪುಸ್ತಕ ಇಡಲು ಜಾಗವೇ ಇಲ್ಲದಂತಾಗಿದೆ. ಪಟ್ಟಣದ ಶಾರದಾ ನಗರದಲ್ಲಿರುವ ಶಾಖಾ ಗ್ರಂಥಾಲಯದಲ್ಲಿ ಎರಡು ಕೊಠಡಿ ತುಂಬಾ ಪುಸ್ತಕಗಳಿದ್ದು, ಹೊಸ ಪುಸ್ತಕಗಳನ್ನು ಮೂಟೆ ಕಟ್ಟಿ ಇಡಲಾಗಿದೆ. ಸ್ವಂತ ಕಟ್ಟಡ-1985ರಲ್ಲಿ ಆರಂಭವಾದ ಗ್ರಂಥಾಲಯ ಇದೀಗ ಹಳೆಯ ಕಟ್ಟಡದಲ್ಲಿ ಕಾರ್ಯನಿರ್ವಹಿಸುತ್ತಿದೆ.
ಮಣಸೆ ಗ್ರಂಥಾಲಯ
ಗ್ರಾಮ ಪಂಚಾಯಿತಿ ಕಟ್ಟಡದಲ್ಲಿರುವ ಈ ಗ್ರಂಥಾಲಯದಲ್ಲಿ 6410 ಪುಸ್ತಕ ಸಂಗ್ರಹವಿದೆ. ದಿನ ಪತ್ರಿಕೆ ಓದಲು ಬರುವವರ ಸಂಖ್ಯೆ ಹೆಚ್ಚಿದೆ. ಸ್ಥಳಾವಕಾಶದ ಕೊರತೆಯಿಂದ ಪುಸ್ತಕ ಜೋಡಿಸಿಡಲು ಸಾಧ್ಯವಾಗುತ್ತಿಲ್ಲ. ಸುಸಜ್ಜಿತ ಕಟ್ಟಡ ನಿರ್ಮಿಸಬೇಕು ಎಂಬುದು ಓದುಗರ ಆಗ್ರಹ.
ಇತ್ತೀಚೆಗೆ ಕಟ್ಟಡ ನವೀಕರಣಗೊಳಿಸಲಾಗಿದೆ. ಮೆಲ್ಕಾವಣಿ, ನೆಲಹಾಸು, ರೀಡಿಂಗ್ ಟೇಬಲ್ ವ್ಯವಸ್ಥೆ ಕಲ್ಪಿಸಲಾಗಿದೆ. ಆದರೆ ಪುಸ್ತಕ ಇಡಲು ರ್‍ಯಾಕ್ ಕೊರತೆ ಇದೆ. ಗ್ರಂಥಾಲಯದಲ್ಲಿ ಓದುಗರ ಸಂಖ್ಯೆ ಹೆಚ್ಚುತ್ತಿದೆ.
ಶೃಂಗೇರಿ ಬಿಯುಪುರ ರಸ್ತೆಯಲ್ಲಿರುವ ತಾಲೂಕು ಗ್ರಂಥಾಲಯ.
ನಿಲಯಗಳೂ ಆಹಾರವಿದ್ದು, ಓದಲು ಮತ್ತು ಆಹಾರ ಹಿಡಿದುಕೊಳ್ಳಲು ಸ್ಥಳವಿಲ್ಲ. ಗ್ರಂಥಾಲಯದಲ್ಲಿ 2178 ಸದಸ್ಯರಿದ್ದು, 17,740 ಪುಸ್ತಕಗಳಿವೆ.
ದಿಗಂತ ವಿಶೇಷ
ಆಹ್ವಾನಿಸಲಾಗಿದೆ. ವಾರದ ರಜೆ ಸೋಮವಾರ ಮತ್ತು ಸರ್ಕಾರಿ ರಜೆ ಇರುವ ದಿನ ಗ್ರಂಥಾಲಯ ರಜೆ ಇರುತ್ತದೆ. ಆನ್‌ಲೈನ್ ಸೇವೆಯನ್ನು ನೀಡಲಾಗುತ್ತಿದೆ. ಎರಡು ಕೊಠಡಿ ತುಂಬಾ ಪುಸ್ತಕ ಇದ್ದು, ಹೊಸ ಪುಸ್ತಕಗಳನ್ನು ಇಡಲು ಸ್ಥಳಾವಕಾಶವಿಲ್ಲ. ಹೊಸ ಕಟ್ಟಡ ನಿರ್ಮಾಣಕ್ಕೆ ಸರ್ಕಾರ ಅನುದಾನ ನೀಡಬೇಕಿದೆ. ತಾಲೂಕಿನ 9 ಗ್ರಾಮ ಪಂಚಾಯಿತಿಗಳಲ್ಲಿ ಗ್ರಂಥಾಲಯ ಇದ್ದು, ಡಿಜಿಟಲ್ ಗ್ರಂಥಾಲಯ ಸೇವೆಯನ್ನು ಆರಂಭಿಸಲಾಗಿದೆ. ಸುಸಜ್ಜಿತ ಗ್ರಂಥಾಲಯದ ಅವಶ್ಯಕತೆ ಇದೆ.
ನಾನು ಹಲವು ವರ್ಷಗಳಿಂದ ತಾಲೂಕು ಗ್ರಂಥಾಲಯಕ್ಕೆ ನಿಯಮಿತವಾಗಿ ಭೇಟಿ ನೀಡುತ್ತಿದ್ದೇನೆ. ಇರುವ ಪುಸ್ತಕ ಜೋಡಿಸಲು ಸ್ಥಳಾವಕಾಶ ಕೊರತೆ ಇದೆ. ಗ್ರಂಥಾಲಯವನ್ನು ಬಳಸಿಕೊಳ್ಳುವವರ ಸಂಖ್ಯೆಯೂ ಹೆಚ್ಚಿದೆ. ಹೊಸ ಕಟ್ಟಡ ನಿರ್ಮಿಸಲು ಸರ್ಕಾರ ಮುಂದಾಗಬೇಕು.
ಹರ್ಷ, ಕರುವಾನೆ, ಶೃಂಗೇರಿ
ತಾಲೂಕು ಪಂಚಾಯಿತಿಯಿಂದ ಗ್ರಂಥಾಲಯಕ್ಕೆ ಸುಮಾರು 10 ಲಕ್ಷ ರೂ. ಅನುದಾನ ಬಿಡುಗಡೆಯಾಗಿದ್ದು, ಕಾಮಗಾರಿ ಪೂರ್ಣಗೊಂಡಿದೆ. ಶಿಥಿಲಾವಸ್ಥೆಯಲ್ಲಿದ್ದ ಮೇಲ್ಛಾವಣಿ, ನೆಲಹಾಸು ಸರಿಪಡಿಸಲಾಗಿದೆ. ಮುಂದಿನ ದಿನಗಳಲ್ಲಿ ಗ್ರಂಥಾಲಯವನ್ನು ಬಲಪಡಿಸಲಾಗುವುದು.
ಸುದೀಪ್, ತಾಲೂಕು ಪಂಚಾಯಿತಿ ಕಾರ್ಯನಿರ್ವಾಹಕ, ಶೃಂಗೇರಿ
